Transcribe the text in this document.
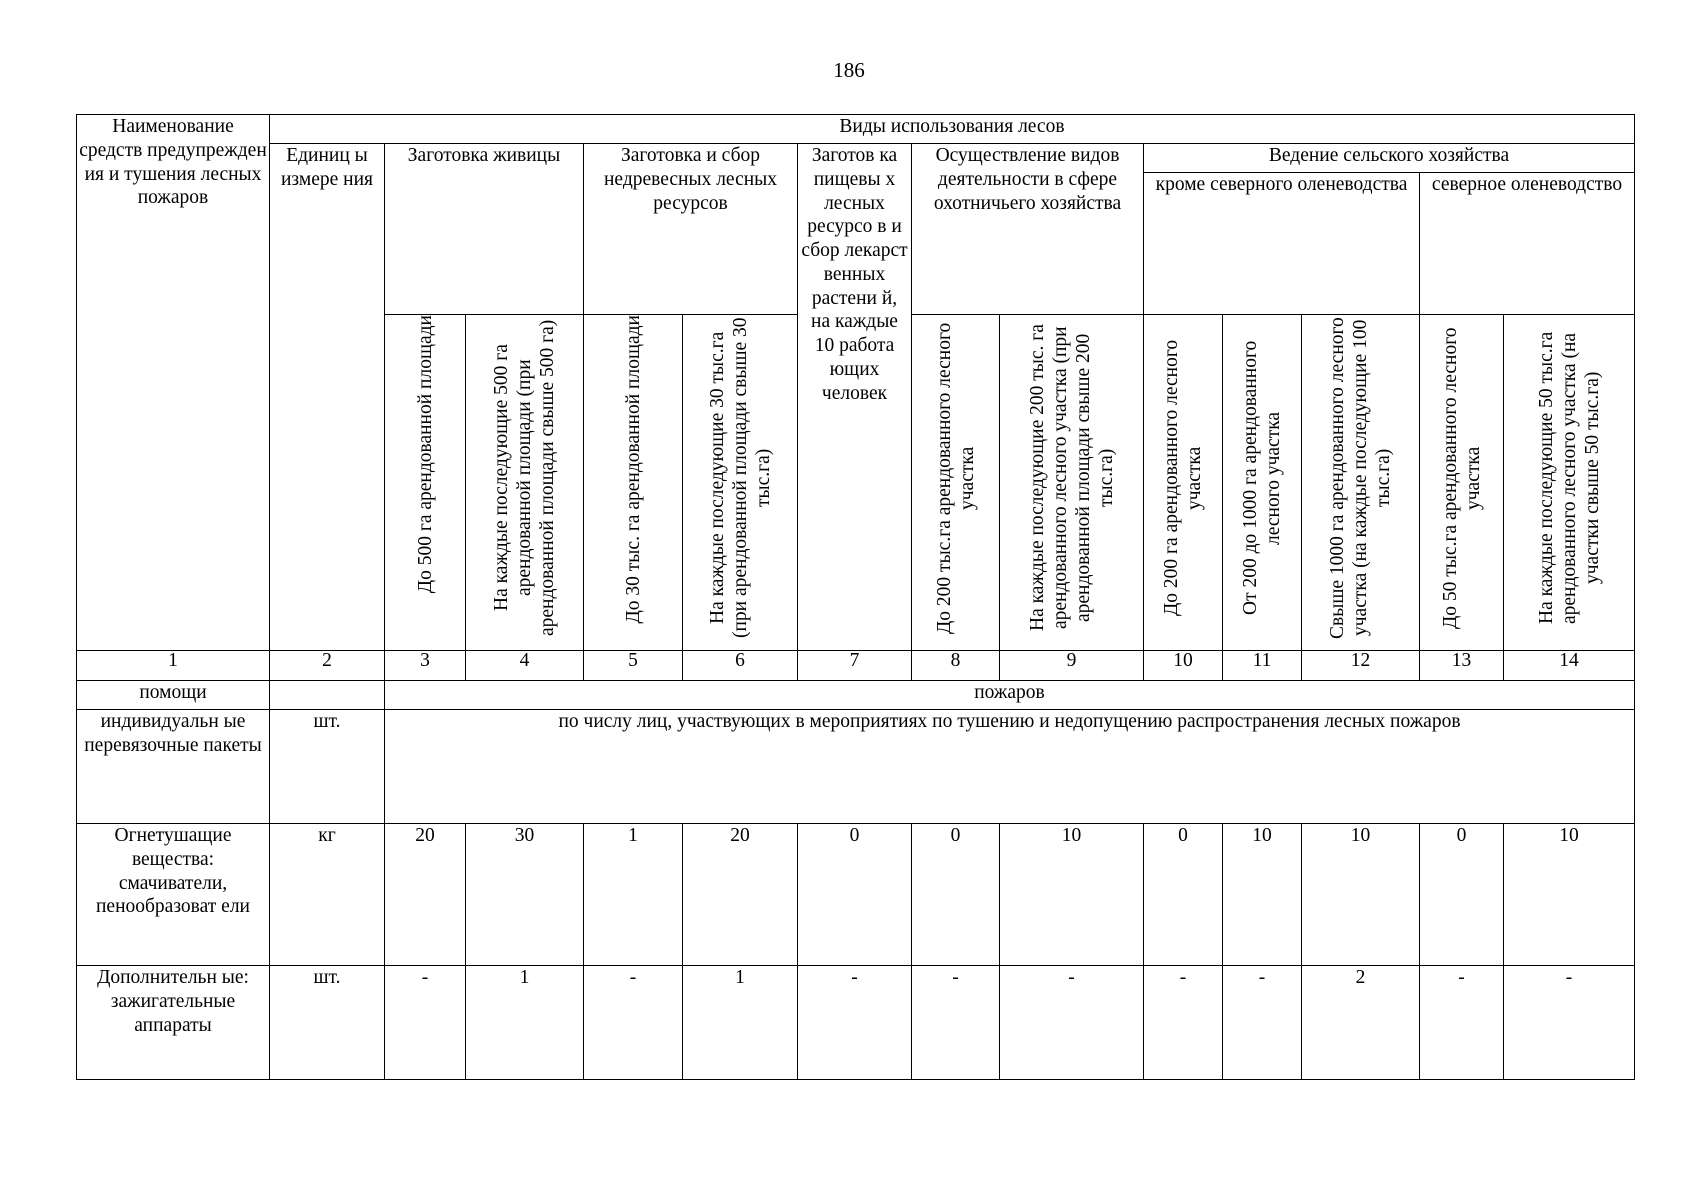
186
Наименование средств предупрежден ия и тушения лесных пожаров	Виды использования лесов												
	Единиц ы измере ния	Заготовка живицы		Заготовка и сбор недревесных лесных ресурсов		Заготов ка пищевы х лесных ресурсо в и сбор лекарст венных растени й, на каждые 10 работа ющих человек	Осуществление видов деятельности в сфере охотничьего хозяйства		Ведение сельского хозяйства				
									кроме северного оленеводства			северное оленеводство	

		До 500 га арендованной площади	На каждые последующие 500 га арендованной площади (при арендованной площади свыше 500 га)	До 30 тыс. га арендованной площади	На каждые последующие 30 тыс.га (при арендованной площади свыше 30 тыс.га)		До 200 тыс.га арендованного лесного участка	На каждые последующие 200 тыс. га арендованного лесного участка (при арендованной площади свыше 200 тыс.га)	До 200 га арендованного лесного участка	От 200 до 1000 га арендованного лесного участка	Свыше 1000 га арендованного лесного участка (на каждые последующие 100 тыс.га)	До 50 тыс.га арендованного лесного участка	На каждые последующие 50 тыс.га арендованного лесного участка (на участки свыше 50 тыс.га)

1	2	3	4	5	6	7	8	9	10	11	12	13	14
помощи		пожаров											
индивидуальн ые перевязочные пакеты	шт.	по числу лиц, участвующих в мероприятиях по тушению и недопущению распространения лесных пожаров											
Огнетушащие вещества: смачиватели, пенообразоват ели	кг	20	30	1	20	0	0	10	0	10	10	0	10
Дополнительн ые: зажигательные аппараты	шт.	-	1	-	1	-	-	-	-	-	2	-	-
